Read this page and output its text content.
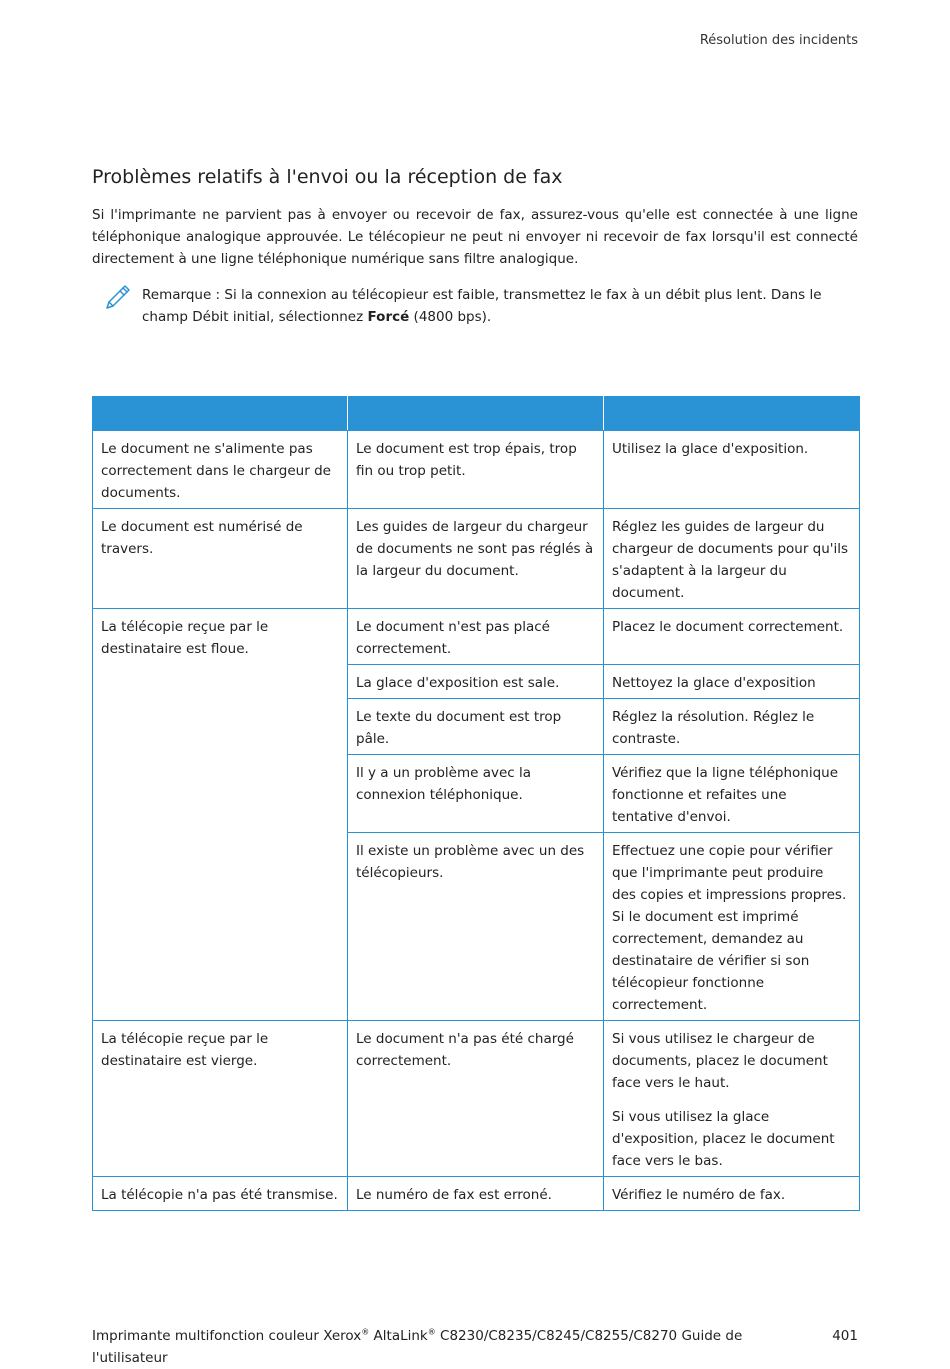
Résolution des incidents
Problèmes relatifs à l'envoi ou la réception de fax

Si l'imprimante ne parvient pas à envoyer ou recevoir de fax, assurez-vous qu'elle est connectée à une ligne téléphonique analogique approuvée. Le télécopieur ne peut ni envoyer ni recevoir de fax lorsqu'il est connecté directement à une ligne téléphonique numérique sans filtre analogique.

Remarque : Si la connexion au télécopieur est faible, transmettez le fax à un débit plus lent. Dans le champ Débit initial, sélectionnez Forcé (4800 bps).

Le document ne s'alimente pas correctement dans le chargeur de documents.	Le document est trop épais, trop fin ou trop petit.	Utilisez la glace d'exposition.

Le document est numérisé de travers.	Les guides de largeur du chargeur de documents ne sont pas réglés à la largeur du document.	Réglez les guides de largeur du chargeur de documents pour qu'ils s'adaptent à la largeur du document.

La télécopie reçue par le destinataire est floue.	Le document n'est pas placé correctement.	Placez le document correctement.
	La glace d'exposition est sale.	Nettoyez la glace d'exposition
	Le texte du document est trop pâle.	Réglez la résolution. Réglez le contraste.
	Il y a un problème avec la connexion téléphonique.	Vérifiez que la ligne téléphonique fonctionne et refaites une tentative d'envoi.
	Il existe un problème avec un des télécopieurs.	Effectuez une copie pour vérifier que l'imprimante peut produire des copies et impressions propres. Si le document est imprimé correctement, demandez au destinataire de vérifier si son télécopieur fonctionne correctement.
La télécopie reçue par le destinataire est vierge.	Le document n'a pas été chargé correctement.	Si vous utilisez le chargeur de documents, placez le document face vers le haut.

Si vous utilisez la glace d'exposition, placez le document face vers le bas.

La télécopie n'a pas été transmise.	Le numéro de fax est erroné.	Vérifiez le numéro de fax.

Imprimante multifonction couleur Xerox® AltaLink® C8230/C8235/C8245/C8255/C8270 Guide de l'utilisateur
401
